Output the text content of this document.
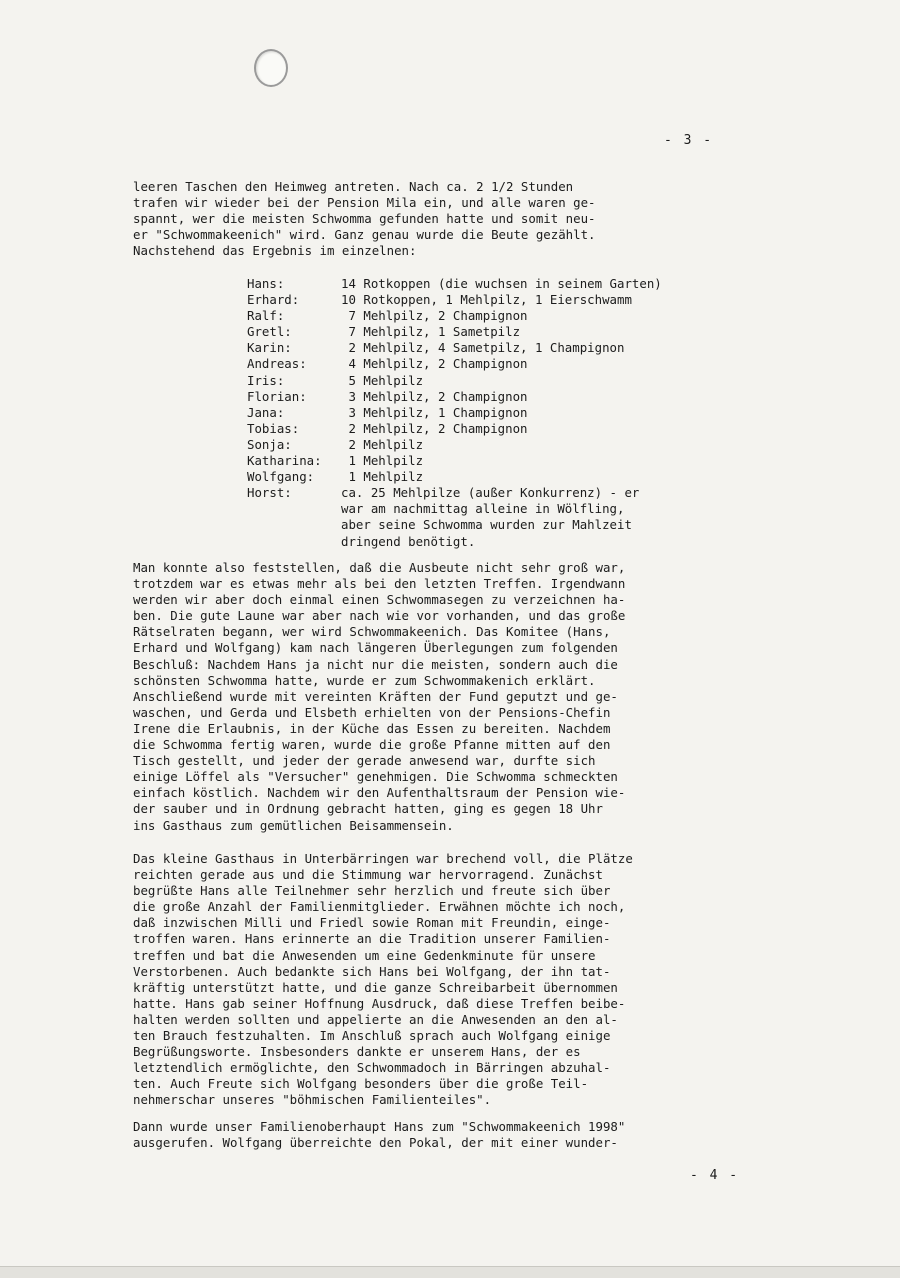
- 3 -
leeren Taschen den Heimweg antreten. Nach ca. 2 1/2 Stunden
trafen wir wieder bei der Pension Mila ein, und alle waren ge-
spannt, wer die meisten Schwomma gefunden hatte und somit neu-
er "Schwommakeenich" wird. Ganz genau wurde die Beute gezählt.
Nachstehend das Ergebnis im einzelnen:
Hans:	14 Rotkoppen (die wuchsen in seinem Garten)
Erhard:	10 Rotkoppen, 1 Mehlpilz, 1 Eierschwamm
Ralf:	7 Mehlpilz, 2 Champignon
Gretl:	7 Mehlpilz, 1 Sametpilz
Karin:	2 Mehlpilz, 4 Sametpilz, 1 Champignon
Andreas:	4 Mehlpilz, 2 Champignon
Iris:	5 Mehlpilz
Florian:	3 Mehlpilz, 2 Champignon
Jana:	3 Mehlpilz, 1 Champignon
Tobias:	2 Mehlpilz, 2 Champignon
Sonja:	2 Mehlpilz
Katharina:	1 Mehlpilz
Wolfgang:	1 Mehlpilz
Horst:	ca. 25 Mehlpilze (außer Konkurrenz) - er
war am nachmittag alleine in Wölfling,
aber seine Schwomma wurden zur Mahlzeit
dringend benötigt.
Man konnte also feststellen, daß die Ausbeute nicht sehr groß war,
trotzdem war es etwas mehr als bei den letzten Treffen. Irgendwann
werden wir aber doch einmal einen Schwommasegen zu verzeichnen ha-
ben. Die gute Laune war aber nach wie vor vorhanden, und das große
Rätselraten begann, wer wird Schwommakeenich. Das Komitee (Hans,
Erhard und Wolfgang) kam nach längeren Überlegungen zum folgenden
Beschluß: Nachdem Hans ja nicht nur die meisten, sondern auch die
schönsten Schwomma hatte, wurde er zum Schwommakenich erklärt.
Anschließend wurde mit vereinten Kräften der Fund geputzt und ge-
waschen, und Gerda und Elsbeth erhielten von der Pensions-Chefin
Irene die Erlaubnis, in der Küche das Essen zu bereiten. Nachdem
die Schwomma fertig waren, wurde die große Pfanne mitten auf den
Tisch gestellt, und jeder der gerade anwesend war, durfte sich
einige Löffel als "Versucher" genehmigen. Die Schwomma schmeckten
einfach köstlich. Nachdem wir den Aufenthaltsraum der Pension wie-
der sauber und in Ordnung gebracht hatten, ging es gegen 18 Uhr
ins Gasthaus zum gemütlichen Beisammensein.
Das kleine Gasthaus in Unterbärringen war brechend voll, die Plätze
reichten gerade aus und die Stimmung war hervorragend. Zunächst
begrüßte Hans alle Teilnehmer sehr herzlich und freute sich über
die große Anzahl der Familienmitglieder. Erwähnen möchte ich noch,
daß inzwischen Milli und Friedl sowie Roman mit Freundin, einge-
troffen waren. Hans erinnerte an die Tradition unserer Familien-
treffen und bat die Anwesenden um eine Gedenkminute für unsere
Verstorbenen. Auch bedankte sich Hans bei Wolfgang, der ihn tat-
kräftig unterstützt hatte, und die ganze Schreibarbeit übernommen
hatte. Hans gab seiner Hoffnung Ausdruck, daß diese Treffen beibe-
halten werden sollten und appelierte an die Anwesenden an den al-
ten Brauch festzuhalten. Im Anschluß sprach auch Wolfgang einige
Begrüßungsworte. Insbesonders dankte er unserem Hans, der es
letztendlich ermöglichte, den Schwommadoch in Bärringen abzuhal-
ten. Auch Freute sich Wolfgang besonders über die große Teil-
nehmerschar unseres "böhmischen Familienteiles".
Dann wurde unser Familienoberhaupt Hans zum "Schwommakeenich 1998"
ausgerufen. Wolfgang überreichte den Pokal, der mit einer wunder-
- 4 -
